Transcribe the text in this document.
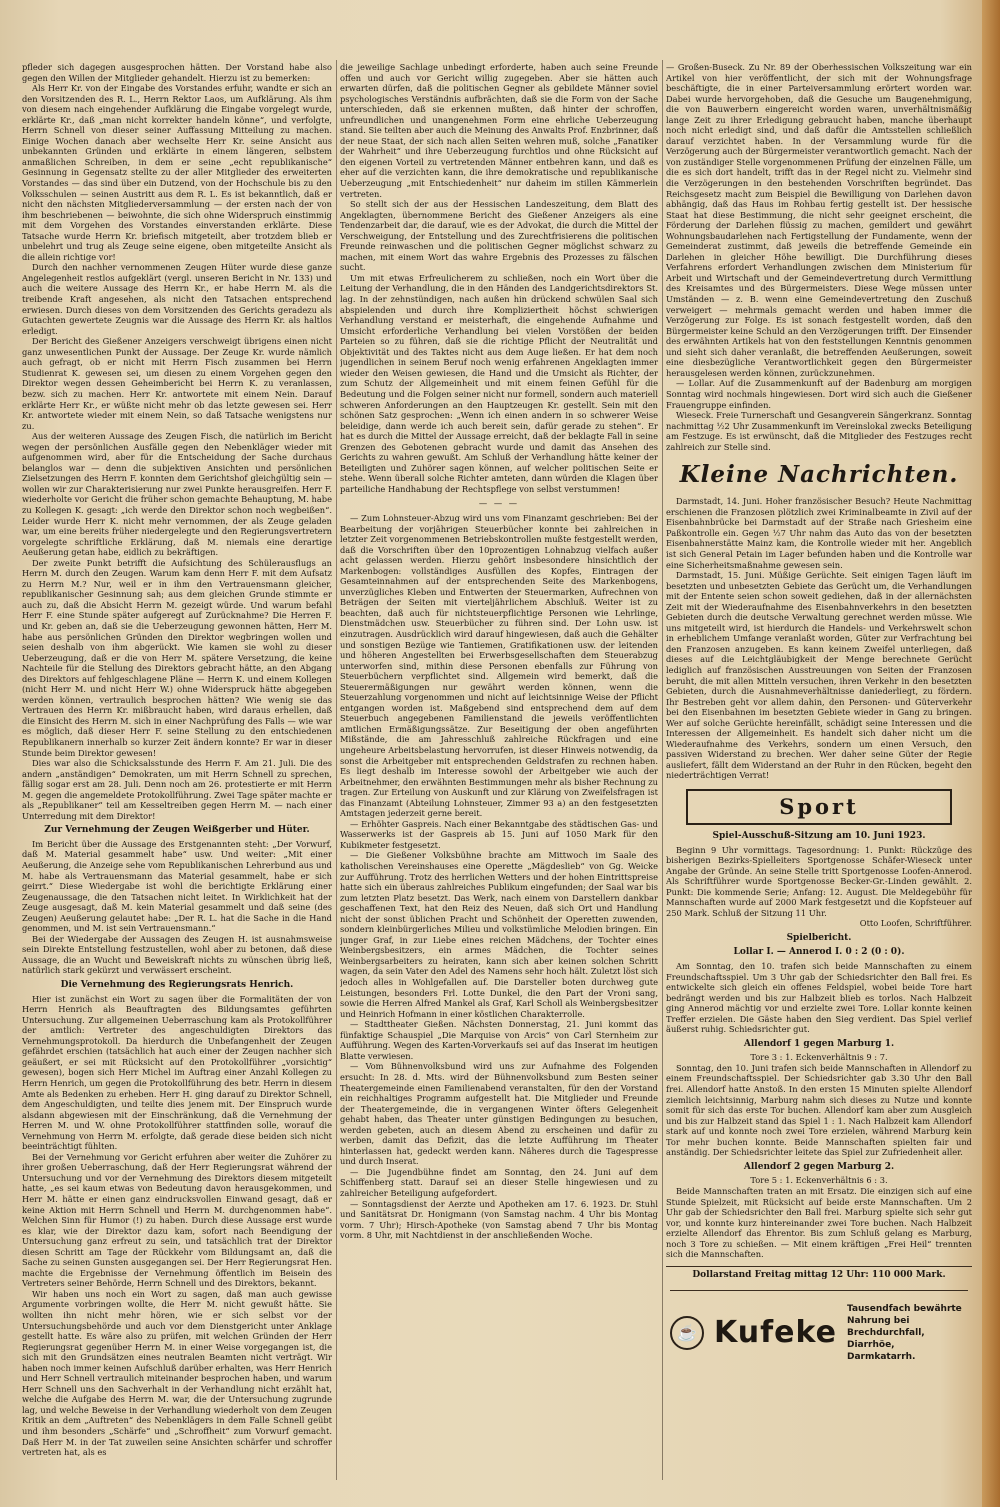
pfleder sich dagegen ausgesprochen hätten. Der Vorstand habe also gegen den Willen der Mitglieder gehandelt. Hierzu ist zu bemerken:

Als Herr Kr. von der Eingabe des Vorstandes erfuhr, wandte er sich an den Vorsitzenden des R. L., Herrn Rektor Laos, um Aufklärung. Als ihm von diesem nach eingehender Aufklärung die Eingabe vorgelegt wurde, erklärte Kr., daß „man nicht korrekter handeln könne“, und verfolgte, Herrn Schnell von dieser seiner Auffassung Mitteilung zu machen. Einige Wochen danach aber wechselte Herr Kr. seine Ansicht aus unbekannten Gründen und erklärte in einem längeren, selbstem anmaßlichen Schreiben, in dem er seine „echt republikanische“ Gesinnung in Gegensatz stellte zu der aller Mitglieder des erweiterten Vorstandes — das sind über ein Dutzend, von der Hochschule bis zu den Volksschulen — seinen Austritt aus dem R. L. Es ist bekanntlich, daß er nicht den nächsten Mitgliederversammlung — der ersten nach der von ihm beschriebenen — beiwohnte, die sich ohne Widerspruch einstimmig mit dem Vorgehen des Vorstandes einverstanden erklärte. Diese Tatsache wurde Herrn Kr. briefisch mitgeteilt, aber trotzdem blieb er unbelehrt und trug als Zeuge seine eigene, oben mitgeteilte Ansicht als die allein richtige vor!

Durch den nachher vernommenen Zeugen Hüter wurde diese ganze Angelegenheit restlos aufgeklärt (vergl. unseren Bericht in Nr. 133) und auch die weitere Aussage des Herrn Kr., er habe Herrn M. als die treibende Kraft angesehen, als nicht den Tatsachen entsprechend erwiesen. Durch dieses von dem Vorsitzenden des Gerichts geradezu als Gutachten gewertete Zeugnis war die Aussage des Herrn Kr. als haltlos erledigt.

Der Bericht des Gießener Anzeigers verschweigt übrigens einen nicht ganz unwesentlichen Punkt der Aussage. Der Zeuge Kr. wurde nämlich auch gefragt, ob er nicht mit Herrn Fisch zusammen bei Herrn Studienrat K. gewesen sei, um diesen zu einem Vorgehen gegen den Direktor wegen dessen Geheimbericht bei Herrn K. zu veranlassen, bezw. sich zu machen. Herr Kr. antwortete mit einem Nein. Darauf erklärte Herr Kr., er wüßte nicht mehr ob das letzte gewesen sei. Herr Kr. antwortete wieder mit einem Nein, so daß Tatsache wenigstens nur zu.

Aus der weiteren Aussage des Zeugen Fisch, die natürlich im Bericht wegen der persönlichen Ausfälle gegen den Nebenkläger wieder mit aufgenommen wird, aber für die Entscheidung der Sache durchaus belanglos war — denn die subjektiven Ansichten und persönlichen Zielsetzungen des Herrn F. konnten dem Gerichtshof gleichgültig sein — wollen wir zur Charakterisierung nur zwei Punkte herausgreifen. Herr F. wiederholte vor Gericht die früher schon gemachte Behauptung, M. habe zu Kollegen K. gesagt: „ich werde den Direktor schon noch wegbeißen“. Leider wurde Herr K. nicht mehr vernommen, der als Zeuge geladen war, um eine bereits früher niedergelegte und den Regierungsvertretern vorgelegte schriftliche Erklärung, daß M. niemals eine derartige Aeußerung getan habe, eidlich zu bekräftigen.

Der zweite Punkt betrifft die Aufsichtung des Schülerausflugs an Herrn M. durch den Zeugen. Warum kam denn Herr F. mit dem Aufsatz zu Herrn M.? Nur, weil er in ihm den Vertrauensmann gleicher, republikanischer Gesinnung sah; aus dem gleichen Grunde stimmte er auch zu, daß die Absicht Herrn M. gezeigt würde. Und warum befahl Herr F. eine Stunde später aufgeregt auf Zurücknahme? Die Herren F. und Kr. geben an, daß sie die Ueberzeugung gewonnen hätten, Herr M. habe aus persönlichen Gründen den Direktor wegbringen wollen und seien deshalb von ihm abgerückt. Wie kamen sie wohl zu dieser Ueberzeugung, daß er die von Herr M. spätere Versetzung, die keine Nachteile für die Stellung des Direktors gebracht hätte, an den Abgang des Direktors auf fehlgeschlagene Pläne — Herrn K. und einem Kollegen (nicht Herr M. und nicht Herr W.) ohne Widerspruck hätte abgegeben werden können, vertraulich besprochen hätten? Wie wenig sie das Vertrauen des Herrn Kr. mißbraucht haben, wird daraus erhellen, daß die Einsicht des Herrn M. sich in einer Nachprüfung des Falls — wie war es möglich, daß dieser Herr F. seine Stellung zu den entschiedenen Republikanern innerhalb so kurzer Zeit ändern konnte? Er war in dieser Stunde beim Direktor gewesen!

Dies war also die Schicksalsstunde des Herrn F. Am 21. Juli. Die des andern „anständigen“ Demokraten, um mit Herrn Schnell zu sprechen, fällig sogar erst am 28. Juli. Denn noch am 26. protestierte er mit Herrn M. gegen die angemeldete Protokollführung. Zwei Tage später machte er als „Republikaner“ teil am Kesseltreiben gegen Herrn M. — nach einer Unterredung mit dem Direktor!

Zur Vernehmung der Zeugen Weißgerber und Hüter.

Im Bericht über die Aussage des Erstgenannten steht: „Der Vorwurf, daß M. Material gesammelt habe“ usw. Und weiter: „Mit einer Aeußerung, die Anzeige sehe vom Republikanischen Lehrerbund aus und M. habe als Vertrauensmann das Material gesammelt, habe er sich geirrt.“ Diese Wiedergabe ist wohl die berichtigte Erklärung einer Zeugenaussage, die den Tatsachen nicht leitet. In Wirklichkeit hat der Zeuge ausgesagt, daß M. kein Material gesammelt und daß seine (des Zeugen) Aeußerung gelautet habe: „Der R. L. hat die Sache in die Hand genommen, und M. ist sein Vertrauensmann.“

Bei der Wiedergabe der Aussagen des Zeugen H. ist ausnahmsweise sein Direkte Entstellung festzustellen, wohl aber zu betonen, daß diese Aussage, die an Wucht und Beweiskraft nichts zu wünschen übrig ließ, natürlich stark gekürzt und verwässert erscheint.

Die Vernehmung des Regierungsrats Henrich.

Hier ist zunächst ein Wort zu sagen über die Formalitäten der von Herrn Henrich als Beauftragten des Bildungsamtes geführten Untersuchung. Zur allgemeinen Ueberraschung kam als Protokollführer der amtlich: Vertreter des angeschuldigten Direktors das Vernehmungsprotokoll. Da hierdurch die Unbefangenheit der Zeugen gefährdet erschien (tatsächlich hat auch einer der Zeugen nachher sich geäußert, er sei mit Rücksicht auf den Protokollführer „vorsichtig“ gewesen), bogen sich Herr Michel im Auftrag einer Anzahl Kollegen zu Herrn Henrich, um gegen die Protokollführung des betr. Herrn in diesem Amte als Bedenken zu erheben. Herr H. ging darauf zu Direktor Schnell, dem Angeschuldigten, und teilte dies jenem mit. Der Einspruch wurde alsdann abgewiesen mit der Einschränkung, daß die Vernehmung der Herren M. und W. ohne Protokollführer stattfinden solle, worauf die Vernehmung von Herrn M. erfolgte, daß gerade diese beiden sich nicht beeinträchtigt fühlten.

Bei der Vernehmung vor Gericht erfuhren aber weiter die Zuhörer zu ihrer großen Ueberraschung, daß der Herr Regierungsrat während der Untersuchung und vor der Vernehmung des Direktors diesem mitgeteilt hatte, „es sei kaum etwas von Bedeutung davon herausgekommen, und Herr M. hätte er einen ganz eindrucksvollen Einwand gesagt, daß er keine Aktion mit Herrn Schnell und Herrn M. durchgenommen habe“. Welchen Sinn für Humor (!) zu haben. Durch diese Aussage erst wurde es klar, wie der Direktor dazu kam, sofort nach Beendigung der Untersuchung ganz erfreut zu sein, und tatsächlich trat der Direktor diesen Schritt am Tage der Rückkehr vom Bildungsamt an, daß die Sache zu seinen Gunsten ausgegangen sei. Der Herr Regierungsrat Hen. machte die Ergebnisse der Vernehmung öffentlich im Beisein des Vertreters seiner Behörde, Herrn Schnell und des Direktors, bekannt.

Wir haben uns noch ein Wort zu sagen, daß man auch gewisse Argumente vorbringen wollte, die Herr M. nicht gewußt hätte. Sie wollten ihn nicht mehr hören, wie er sich selbst vor der Untersuchungsbehörde und auch vor dem Dienstgericht unter Anklage gestellt hatte. Es wäre also zu prüfen, mit welchen Gründen der Herr Regierungsrat gegenüber Herrn M. in einer Weise vorgegangen ist, die sich mit den Grundsätzen eines neutralen Beamten nicht verträgt. Wir haben noch immer keinen Aufschluß darüber erhalten, was Herr Henrich und Herr Schnell vertraulich miteinander besprochen haben, und warum Herr Schnell uns den Sachverhalt in der Verhandlung nicht erzählt hat, welche die Aufgabe des Herrn M. war, die der Untersuchung zugrunde lag, und welche Beweise in der Verhandlung wiederholt von dem Zeugen Kritik an dem „Auftreten“ des Nebenklägers in dem Falle Schnell geübt und ihm besonders „Schärfe“ und „Schroffheit“ zum Vorwurf gemacht. Daß Herr M. in der Tat zuweilen seine Ansichten schärfer und schroffer vertreten hat, als es

die jeweilige Sachlage unbedingt erforderte, haben auch seine Freunde offen und auch vor Gericht willig zugegeben. Aber sie hätten auch erwarten dürfen, daß die politischen Gegner als gebildete Männer soviel psychologisches Verständnis aufbrächten, daß sie die Form von der Sache unterschieden, daß sie erkennen mußten, daß hinter der schroffen, unfreundlichen und unangenehmen Form eine ehrliche Ueberzeugung stand. Sie teilten aber auch die Meinung des Anwalts Prof. Enzbrinner, daß der neue Staat, der sich nach allen Seiten wehren muß, solche „Fanatiker der Wahrheit“ und ihre Ueberzeugung furchtlos und ohne Rücksicht auf den eigenen Vorteil zu vertretenden Männer entbehren kann, und daß es eher auf die verzichten kann, die ihre demokratische und republikanische Ueberzeugung „mit Entschiedenheit“ nur daheim im stillen Kämmerlein vertreten.

So stellt sich der aus der Hessischen Landeszeitung, dem Blatt des Angeklagten, übernommene Bericht des Gießener Anzeigers als eine Tendenzarbeit dar, die darauf, wie es der Advokat, die durch die Mittel der Verschweigung, der Entstellung und des Zurechtfrisierens die politischen Freunde reinwaschen und die politischen Gegner möglichst schwarz zu machen, mit einem Wort das wahre Ergebnis des Prozesses zu fälschen sucht.

Um mit etwas Erfreulicherem zu schließen, noch ein Wort über die Leitung der Verhandlung, die in den Händen des Landgerichtsdirektors St. lag. In der zehnstündigen, nach außen hin drückend schwülen Saal sich abspielenden und durch ihre Kompliziertheit höchst schwierigen Verhandlung verstand er meisterhaft, die eingehende Aufnahme und Umsicht erforderliche Verhandlung bei vielen Vorstößen der beiden Parteien so zu führen, daß sie die richtige Pflicht der Neutralität und Objektivität und des Taktes nicht aus dem Auge ließen. Er hat dem noch jugendlichen in seinem Beruf noch wenig erfahrenen Angeklagten immer wieder den Weisen gewiesen, die Hand und die Umsicht als Richter, der zum Schutz der Allgemeinheit und mit einem feinen Gefühl für die Bedeutung und die Folgen seiner nicht nur formell, sondern auch materiell schweren Anforderungen an den Hauptzeugen Kr. gestellt. Sein mit den schönen Satz gesprochen: „Wenn ich einen andern in so schwerer Weise beleidige, dann werde ich auch bereit sein, dafür gerade zu stehen“. Er hat es durch die Mittel der Aussage erreicht, daß der beklagte Fall in seine Grenzen des Gebotenen gebracht wurde und damit das Ansehen des Gerichts zu wahren gewußt. Am Schluß der Verhandlung hätte keiner der Beteiligten und Zuhörer sagen können, auf welcher politischen Seite er stehe. Wenn überall solche Richter amteten, dann würden die Klagen über parteiliche Handhabung der Rechtspflege von selbst verstummen!

— — —

— Zum Lohnsteuer-Abzug wird uns vom Finanzamt geschrieben: Bei der Bearbeitung der vorjährigen Steuerbücher konnte bei zahlreichen in letzter Zeit vorgenommenen Betriebskontrollen mußte festgestellt werden, daß die Vorschriften über den 10prozentigen Lohnabzug vielfach außer acht gelassen werden. Hierzu gehört insbesondere hinsichtlich der Markenbogen: vollständiges Ausfüllen des Kopfes, Eintragen der Gesamteinnahmen auf der entsprechenden Seite des Markenbogens, unverzügliches Kleben und Entwerten der Steuermarken, Aufrechnen von Beträgen der Seiten mit vierteljährlichem Abschluß. Weiter ist zu beachten, daß auch für nichtsteuerpflichtige Personen wie Lehrlinge, Dienstmädchen usw. Steuerbücher zu führen sind. Der Lohn usw. ist einzutragen. Ausdrücklich wird darauf hingewiesen, daß auch die Gehälter und sonstigen Bezüge wie Tantiemen, Gratifikationen usw. der leitenden und höheren Angestellten bei Erwerbsgesellschaften dem Steuerabzug unterworfen sind, mithin diese Personen ebenfalls zur Führung von Steuerbüchern verpflichtet sind. Allgemein wird bemerkt, daß die Steuerermäßigungen nur gewährt werden können, wenn die Steuerzahlung vorgenommen und nicht auf leichtsinnige Weise der Pflicht entgangen worden ist. Maßgebend sind entsprechend dem auf dem Steuerbuch angegebenen Familienstand die jeweils veröffentlichten amtlichen Ermäßigungssätze. Zur Beseitigung der oben angeführten Mißstände, die am Jahresschluß zahlreiche Rückfragen und eine ungeheure Arbeitsbelastung hervorrufen, ist dieser Hinweis notwendig, da sonst die Arbeitgeber mit entsprechenden Geldstrafen zu rechnen haben. Es liegt deshalb im Interesse sowohl der Arbeitgeber wie auch der Arbeitnehmer, den erwähnten Bestimmungen mehr als bisher Rechnung zu tragen. Zur Erteilung von Auskunft und zur Klärung von Zweifelsfragen ist das Finanzamt (Abteilung Lohnsteuer, Zimmer 93 a) an den festgesetzten Amtstagen jederzeit gerne bereit.

— Erhöhter Gaspreis. Nach einer Bekanntgabe des städtischen Gas- und Wasserwerks ist der Gaspreis ab 15. Juni auf 1050 Mark für den Kubikmeter festgesetzt.

— Die Gießener Volksbühne brachte am Mittwoch im Saale des katholischen Vereinshauses eine Operette „Mägdeslieb“ von Gg. Weicke zur Aufführung. Trotz des herrlichen Wetters und der hohen Eintrittspreise hatte sich ein überaus zahlreiches Publikum eingefunden; der Saal war bis zum letzten Platz besetzt. Das Werk, nach einem von Darstellern dankbar geschaffenen Text, hat den Reiz des Neuen, daß sich Ort und Handlung nicht der sonst üblichen Pracht und Schönheit der Operetten zuwenden, sondern kleinbürgerliches Milieu und volkstümliche Melodien bringen. Ein junger Graf, in zur Liebe eines reichen Mädchens, der Tochter eines Weinbergsbesitzers, ein armes Mädchen, die Tochter seines Weinbergsarbeiters zu heiraten, kann sich aber keinen solchen Schritt wagen, da sein Vater den Adel des Namens sehr hoch hält. Zuletzt löst sich jedoch alles in Wohlgefallen auf. Die Darsteller boten durchweg gute Leistungen, besonders Frl. Lotte Dunkel, die den Part der Vroni sang, sowie die Herren Alfred Mankel als Graf, Karl Scholl als Weinbergsbesitzer und Heinrich Hofmann in einer köstlichen Charakterrolle.

— Stadttheater Gießen. Nächsten Donnerstag, 21. Juni kommt das fünfaktige Schauspiel „Die Marquise von Arcis“ von Carl Sternheim zur Aufführung. Wegen des Karten-Vorverkaufs sei auf das Inserat im heutigen Blatte verwiesen.

— Vom Bühnenvolksbund wird uns zur Aufnahme des Folgenden ersucht: In 28. d. Mts. wird der Bühnenvolksbund zum Besten seiner Theatergemeinde einen Familienabend veranstalten, für den der Vorstand ein reichhaltiges Programm aufgestellt hat. Die Mitglieder und Freunde der Theatergemeinde, die in vergangenen Winter öfters Gelegenheit gehabt haben, das Theater unter günstigen Bedingungen zu besuchen, werden gebeten, auch an diesem Abend zu erscheinen und dafür zu werben, damit das Defizit, das die letzte Aufführung im Theater hinterlassen hat, gedeckt werden kann. Näheres durch die Tagespresse und durch Inserat.

— Die Jugendbühne findet am Sonntag, den 24. Juni auf dem Schiffenberg statt. Darauf sei an dieser Stelle hingewiesen und zu zahlreicher Beteiligung aufgefordert.

— Sonntagsdienst der Aerzte und Apotheken am 17. 6. 1923. Dr. Stuhl und Sanitätsrat Dr. Honigmann (von Samstag nachm. 4 Uhr bis Montag vorm. 7 Uhr); Hirsch-Apotheke (von Samstag abend 7 Uhr bis Montag vorm. 8 Uhr, mit Nachtdienst in der anschließenden Woche.

— Großen-Buseck. Zu Nr. 89 der Oberhessischen Volkszeitung war ein Artikel von hier veröffentlicht, der sich mit der Wohnungsfrage beschäftigte, die in einer Parteiversammlung erörtert worden war. Dabei wurde hervorgehoben, daß die Gesuche um Baugenehmigung, die von Bauwerbern eingereicht worden waren, unverhältnismäßig lange Zeit zu ihrer Erledigung gebraucht haben, manche überhaupt noch nicht erledigt sind, und daß dafür die Amtsstellen schließlich darauf verzichtet haben. In der Versammlung wurde für die Verzögerung auch der Bürgermeister verantwortlich gemacht. Nach der von zuständiger Stelle vorgenommenen Prüfung der einzelnen Fälle, um die es sich dort handelt, trifft das in der Regel nicht zu. Vielmehr sind die Verzögerungen in den bestehenden Vorschriften begründet. Das Reichsgesetz macht zum Beispiel die Bewilligung von Darlehen davon abhängig, daß das Haus im Rohbau fertig gestellt ist. Der hessische Staat hat diese Bestimmung, die nicht sehr geeignet erscheint, die Förderung der Darlehen flüssig zu machen, gemildert und gewährt Wohnungsbaudarlehen nach Fertigstellung der Fundamente, wenn der Gemeinderat zustimmt, daß jeweils die betreffende Gemeinde ein Darlehen in gleicher Höhe bewilligt. Die Durchführung dieses Verfahrens erfordert Verhandlungen zwischen dem Ministerium für Arbeit und Wirtschaft und der Gemeindevertretung durch Vermittlung des Kreisamtes und des Bürgermeisters. Diese Wege müssen unter Umständen — z. B. wenn eine Gemeindevertretung den Zuschuß verweigert — mehrmals gemacht werden und haben immer die Verzögerung zur Folge. Es ist sonach festgestellt worden, daß den Bürgermeister keine Schuld an den Verzögerungen trifft. Der Einsender des erwähnten Artikels hat von den feststellungen Kenntnis genommen und sieht sich daher veranlaßt, die betreffenden Aeußerungen, soweit eine diesbezügliche Verantwortlichkeit gegen den Bürgermeister herausgelesen werden können, zurückzunehmen.

— Lollar. Auf die Zusammenkunft auf der Badenburg am morgigen Sonntag wird nochmals hingewiesen. Dort wird sich auch die Gießener Frauengruppe einfinden.

Wieseck. Freie Turnerschaft und Gesangverein Sängerkranz. Sonntag nachmittag ½2 Uhr Zusammenkunft im Vereinslokal zwecks Beteiligung am Festzuge. Es ist erwünscht, daß die Mitglieder des Festzuges recht zahlreich zur Stelle sind.

Kleine Nachrichten.

Darmstadt, 14. Juni. Hoher französischer Besuch? Heute Nachmittag erschienen die Franzosen plötzlich zwei Kriminalbeamte in Zivil auf der Eisenbahnbrücke bei Darmstadt auf der Straße nach Griesheim eine Paßkontrolle ein. Gegen ½7 Uhr nahm das Auto das von der besetzten Eisenbahnerstätte Mainz kam, die Kontrolle wieder mit her. Angeblich ist sich General Petain im Lager befunden haben und die Kontrolle war eine Sicherheitsmaßnahme gewesen sein.

Darmstadt, 15. Juni. Müßige Gerüchte. Seit einigen Tagen läuft im besetzten und unbesetzten Gebiete das Gerücht um, die Verhandlungen mit der Entente seien schon soweit gediehen, daß in der allernächsten Zeit mit der Wiederaufnahme des Eisenbahnverkehrs in den besetzten Gebieten durch die deutsche Verwaltung gerechnet werden müsse. Wie uns mitgeteilt wird, ist hierdurch die Handels- und Verkehrswelt schon in erheblichem Umfange veranlaßt worden, Güter zur Verfrachtung bei den Franzosen anzugeben. Es kann keinem Zweifel unterliegen, daß dieses auf die Leichtgläubigkeit der Menge berechnete Gerücht lediglich auf französischen Ausstreuungen von Seiten der Franzosen beruht, die mit allen Mitteln versuchen, ihren Verkehr in den besetzten Gebieten, durch die Ausnahmeverhältnisse daniederliegt, zu fördern. Ihr Bestreben geht vor allem dahin, den Personen- und Güterverkehr bei den Eisenbahnen im besetzten Gebiete wieder in Gang zu bringen. Wer auf solche Gerüchte hereinfällt, schädigt seine Interessen und die Interessen der Allgemeinheit. Es handelt sich daher nicht um die Wiederaufnahme des Verkehrs, sondern um einen Versuch, den passiven Widerstand zu brechen. Wer daher seine Güter der Regie ausliefert, fällt dem Widerstand an der Ruhr in den Rücken, begeht den niederträchtigen Verrat!

Sport
Spiel-Ausschuß-Sitzung am 10. Juni 1923.

Beginn 9 Uhr vormittags. Tagesordnung: 1. Punkt: Rückzüge des bisherigen Bezirks-Spielleiters Sportgenosse Schäfer-Wieseck unter Angabe der Gründe. An seine Stelle tritt Sportgenosse Loofen-Annerod. Als Schriftführer wurde Sportgenosse Becker-Gr.-Linden gewählt. 2. Punkt: Die kommende Serie; Anfang: 12. August. Die Meldegebühr für Mannschaften wurde auf 2000 Mark festgesetzt und die Kopfsteuer auf 250 Mark. Schluß der Sitzung 11 Uhr.

Otto Loofen, Schriftführer.
Spielbericht.
Lollar I. — Annerod I. 0 : 2 (0 : 0).

Am Sonntag, den 10. trafen sich beide Mannschaften zu einem Freundschaftsspiel. Um 3 Uhr gab der Schiedsrichter den Ball frei. Es entwickelte sich gleich ein offenes Feldspiel, wobei beide Tore hart bedrängt werden und bis zur Halbzeit blieb es torlos. Nach Halbzeit ging Annerod mächtig vor und erzielte zwei Tore. Lollar konnte keinen Treffer erzielen. Die Gäste haben den Sieg verdient. Das Spiel verlief äußerst ruhig. Schiedsrichter gut.

Allendorf 1 gegen Marburg 1.
Tore 3 : 1. Eckenverhältnis 9 : 7.

Sonntag, den 10. Juni trafen sich beide Mannschaften in Allendorf zu einem Freundschaftsspiel. Der Schiedsrichter gab 3.30 Uhr den Ball frei. Allendorf hatte Anstoß. In den ersten 15 Minuten spielte Allendorf ziemlich leichtsinnig, Marburg nahm sich dieses zu Nutze und konnte somit für sich das erste Tor buchen. Allendorf kam aber zum Ausgleich und bis zur Halbzeit stand das Spiel 1 : 1. Nach Halbzeit kam Allendorf stark auf und konnte noch zwei Tore erzielen, während Marburg kein Tor mehr buchen konnte. Beide Mannschaften spielten fair und anständig. Der Schiedsrichter leitete das Spiel zur Zufriedenheit aller.

Allendorf 2 gegen Marburg 2.
Tore 5 : 1. Eckenverhältnis 6 : 3.

Beide Mannschaften traten an mit Ersatz. Die einzigen sich auf eine Stunde Spielzeit, mit Rücksicht auf beide erste Mannschaften. Um 2 Uhr gab der Schiedsrichter den Ball frei. Marburg spielte sich sehr gut vor, und konnte kurz hintereinander zwei Tore buchen. Nach Halbzeit erzielte Allendorf das Ehrentor. Bis zum Schluß gelang es Marburg, noch 3 Tore zu schießen. — Mit einem kräftigen „Frei Heil“ trennten sich die Mannschaften.

Dollarstand Freitag mittag 12 Uhr: 110 000 Mark.
☕ Kufeke
Tausendfach bewährte
Nahrung bei
Brechdurchfall,
Diarrhöe,
Darmkatarrh.
